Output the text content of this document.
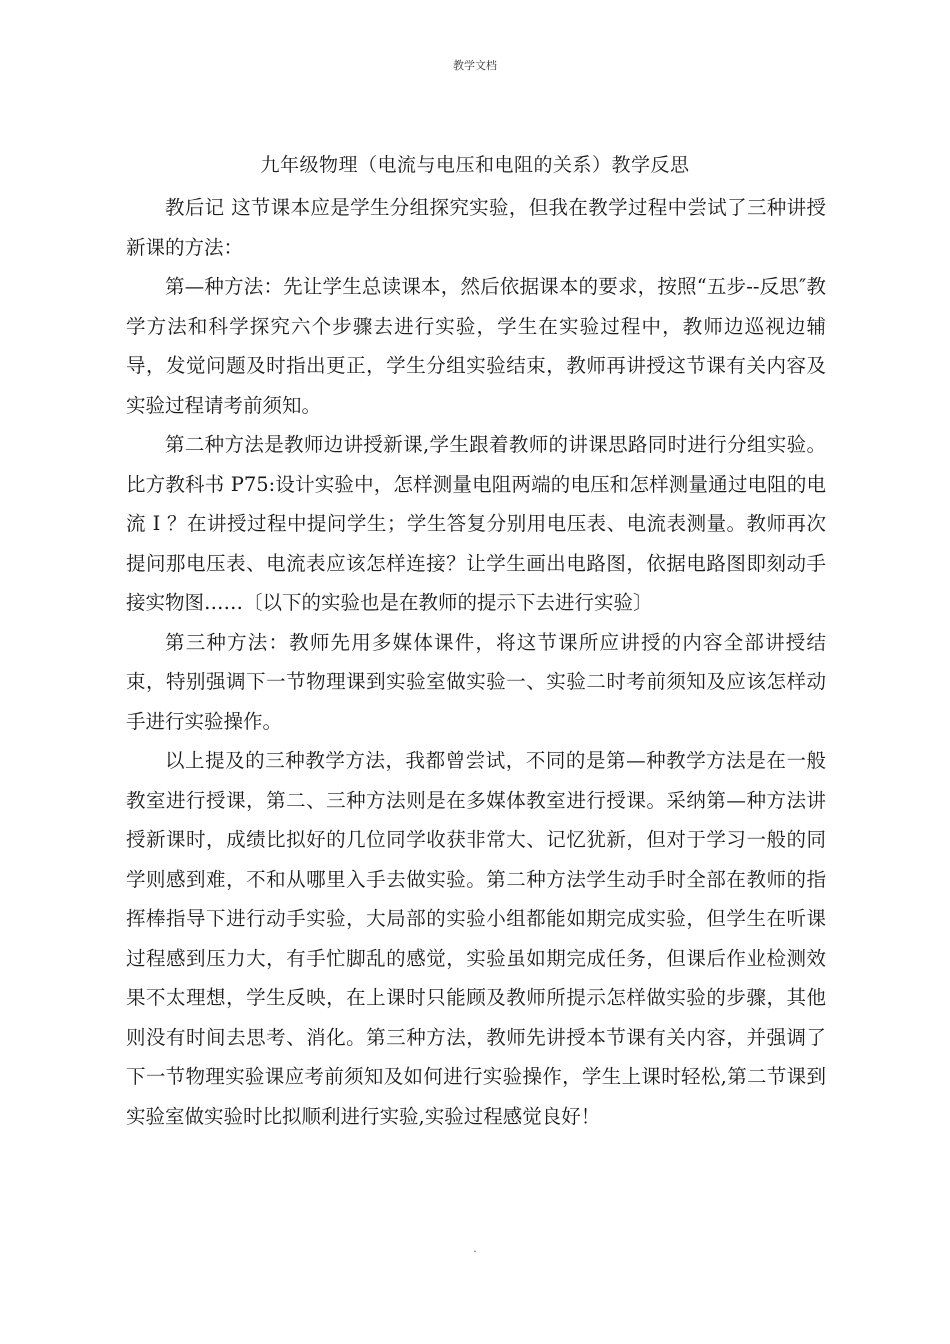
教学文档
九年级物理（电流与电压和电阻的关系）教学反思

教后记 这节课本应是学生分组探究实验，但我在教学过程中尝试了三种讲授新课的方法：

第—种方法：先让学生总读课本，然后依据课本的要求，按照“五步--反思″教学方法和科学探究六个步骤去进行实验，学生在实验过程中，教师边巡视边辅导，发觉问题及时指出更正，学生分组实验结束，教师再讲授这节课有关内容及实验过程请考前须知。

第二种方法是教师边讲授新课,学生跟着教师的讲课思路同时进行分组实验。比方教科书 P75:设计实验中，怎样测量电阻两端的电压和怎样测量通过电阻的电流 I ？在讲授过程中提问学生；学生答复分别用电压表、电流表测量。教师再次提问那电压表、电流表应该怎样连接？让学生画出电路图，依据电路图即刻动手接实物图……〔以下的实验也是在教师的提示下去进行实验〕

第三种方法：教师先用多媒体课件，将这节课所应讲授的内容全部讲授结束，特别强调下一节物理课到实验室做实验一、实验二时考前须知及应该怎样动手进行实验操作。

以上提及的三种教学方法，我都曾尝试，不同的是第—种教学方法是在一般教室进行授课，第二、三种方法则是在多媒体教室进行授课。采纳第—种方法讲授新课时，成绩比拟好的几位同学收获非常大、记忆犹新，但对于学习一般的同学则感到难，不和从哪里入手去做实验。第二种方法学生动手时全部在教师的指挥棒指导下进行动手实验，大局部的实验小组都能如期完成实验，但学生在听课过程感到压力大，有手忙脚乱的感觉，实验虽如期完成任务，但课后作业检测效果不太理想，学生反映，在上课时只能顾及教师所提示怎样做实验的步骤，其他则没有时间去思考、消化。第三种方法，教师先讲授本节课有关内容，并强调了下一节物理实验课应考前须知及如何进行实验操作，学生上课时轻松,第二节课到实验室做实验时比拟顺利进行实验,实验过程感觉良好！

.
